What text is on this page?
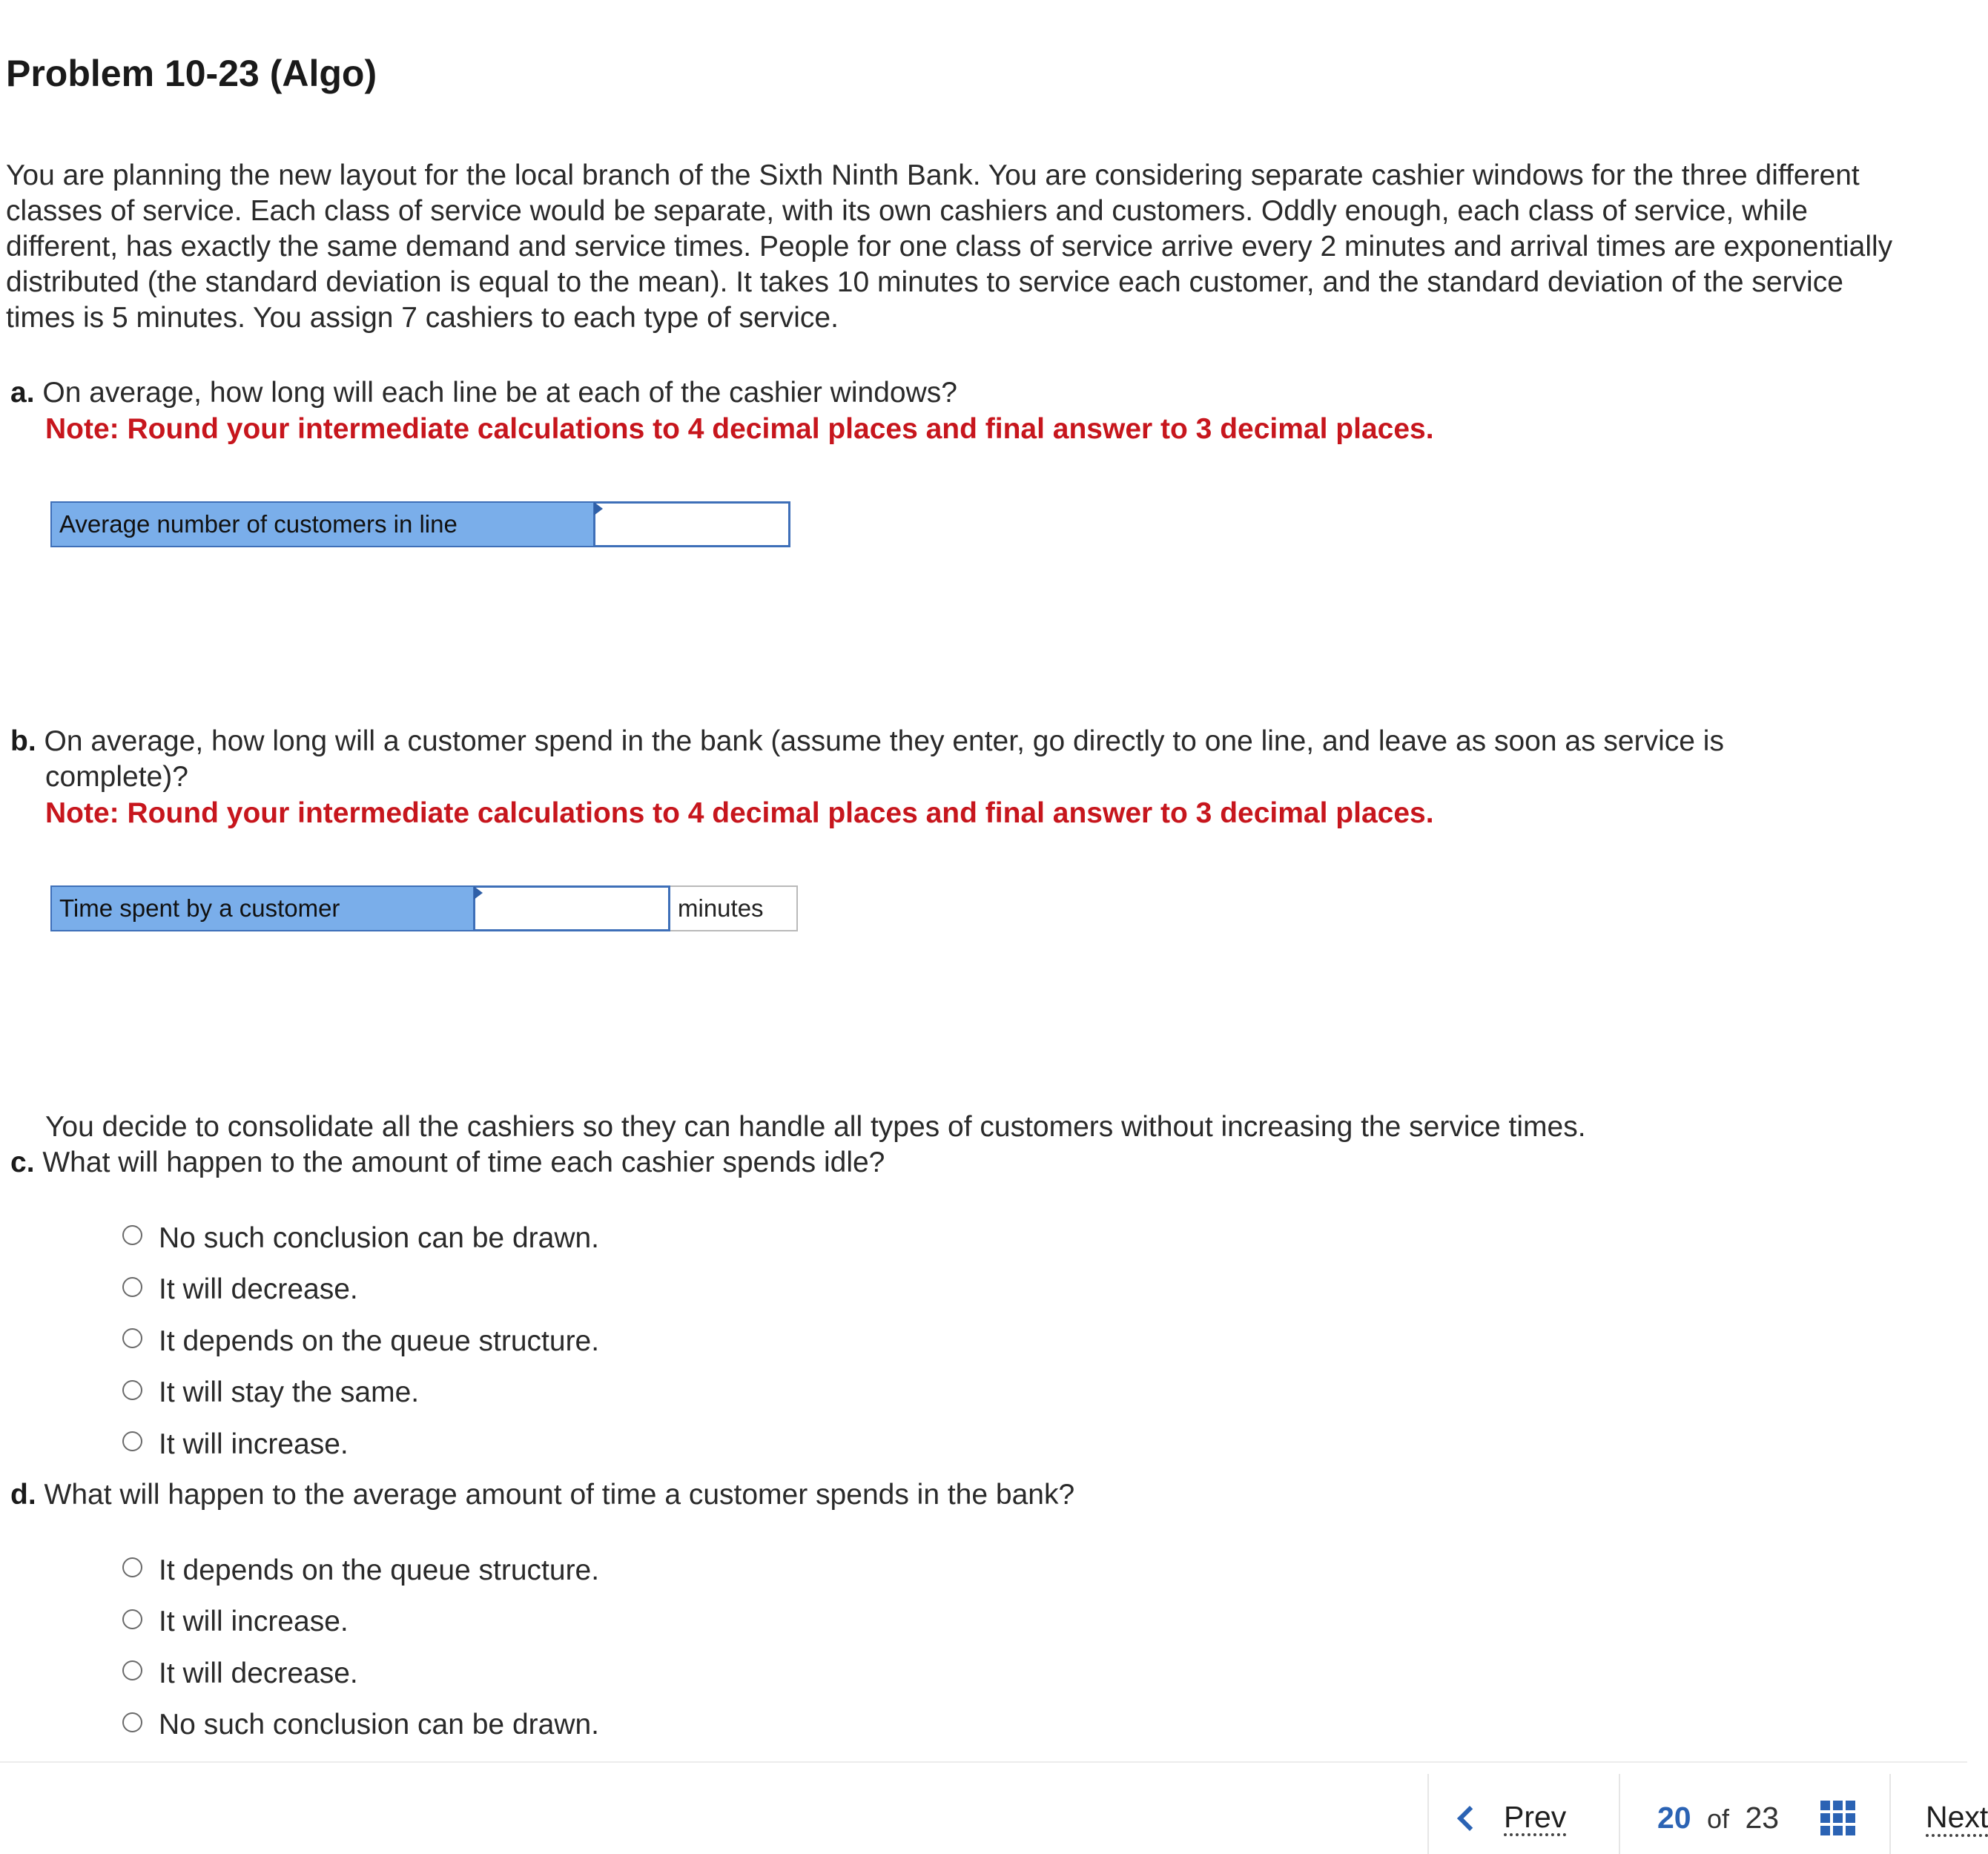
Problem 10-23 (Algo)

You are planning the new layout for the local branch of the Sixth Ninth Bank. You are considering separate cashier windows for the three different classes of service. Each class of service would be separate, with its own cashiers and customers. Oddly enough, each class of service, while different, has exactly the same demand and service times. People for one class of service arrive every 2 minutes and arrival times are exponentially distributed (the standard deviation is equal to the mean). It takes 10 minutes to service each customer, and the standard deviation of the service times is 5 minutes. You assign 7 cashiers to each type of service.

a. On average, how long will each line be at each of the cashier windows?

Note: Round your intermediate calculations to 4 decimal places and final answer to 3 decimal places.

Average number of customers in line

b. On average, how long will a customer spend in the bank (assume they enter, go directly to one line, and leave as soon as service is

complete)?

Note: Round your intermediate calculations to 4 decimal places and final answer to 3 decimal places.

Time spent by a customer	minutes

You decide to consolidate all the cashiers so they can handle all types of customers without increasing the service times.

c. What will happen to the amount of time each cashier spends idle?

No such conclusion can be drawn.
It will decrease.
It depends on the queue structure.
It will stay the same.
It will increase.

d. What will happen to the average amount of time a customer spends in the bank?

It depends on the queue structure.
It will increase.
It will decrease.
No such conclusion can be drawn.
Prev	20 of 23	Next
